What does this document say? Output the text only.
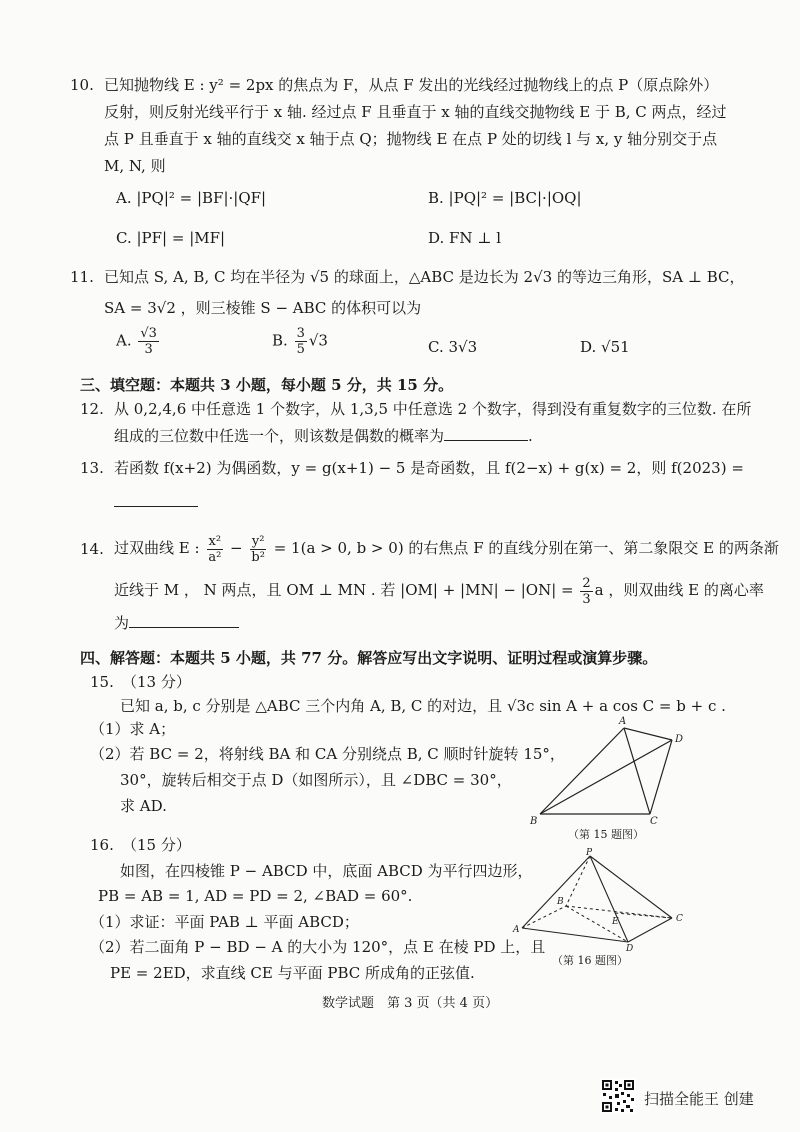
10. 已知抛物线 E : y² = 2px 的焦点为 F，从点 F 发出的光线经过抛物线上的点 P（原点除外）
反射，则反射光线平行于 x 轴. 经过点 F 且垂直于 x 轴的直线交抛物线 E 于 B, C 两点，经过
点 P 且垂直于 x 轴的直线交 x 轴于点 Q；抛物线 E 在点 P 处的切线 l 与 x, y 轴分别交于点
M, N, 则
A. |PQ|² = |BF|·|QF|	B. |PQ|² = |BC|·|OQ|
C. |PF| = |MF|	D. FN ⊥ l
11. 已知点 S, A, B, C 均在半径为 √5 的球面上，△ABC 是边长为 2√3 的等边三角形，SA ⊥ BC，
SA = 3√2 ，则三棱锥 S − ABC 的体积可以为
A. $\frac{√3}{3}$	B. $\frac{3}{5} √3$	C. 3√3	D. √51
三、填空题：本题共 3 小题，每小题 5 分，共 15 分。
12. 从 0,2,4,6 中任意选 1 个数字，从 1,3,5 中任意选 2 个数字，得到没有重复数字的三位数. 在所
组成的三位数中任选一个，则该数是偶数的概率为	.
13. 若函数 f(x+2) 为偶函数，y = g(x+1) − 5 是奇函数，且 f(2−x) + g(x) = 2，则 f(2023) =
14. 过双曲线 E : $\frac{\text{x²}}{\text{a²}} - \frac{\text{y²}}{\text{b²}} = 1(a > 0$, b > 0) 的右焦点 F 的直线分别在第一、第二象限交 E 的两条渐
近线于 M ， N 两点，且 OM ⊥ MN . 若 $|OM| + |MN| - |ON| = \frac{2}{3}$ a ，则双曲线 E 的离心率
为
四、解答题：本题共 5 小题，共 77 分。解答应写出文字说明、证明过程或演算步骤。
15. （13 分）
已知 a, b, c 分别是 △ABC 三个内角 A, B, C 的对边，且 √3c sin A + a cos C = b + c .
（1）求 A；
（2）若 BC = 2，将射线 BA 和 CA 分别绕点 B, C 顺时针旋转 15°，
30°，旋转后相交于点 D（如图所示），且 ∠DBC = 30°，
求 AD.
A
D
B	C
（第 15 题图）
16. （15 分）
如图，在四棱锥 P − ABCD 中，底面 ABCD 为平行四边形，
PB = AB = 1, AD = PD = 2, ∠BAD = 60°.
（1）求证：平面 PAB ⊥ 平面 ABCD；
（2）若二面角 P − BD − A 的大小为 120°，点 E 在棱 PD 上，且
PE = 2ED，求直线 CE 与平面 PBC 所成角的正弦值.
P
A
B
C
D
E
（第 16 题图）
数学试题　第 3 页（共 4 页）
扫描全能王 创建
